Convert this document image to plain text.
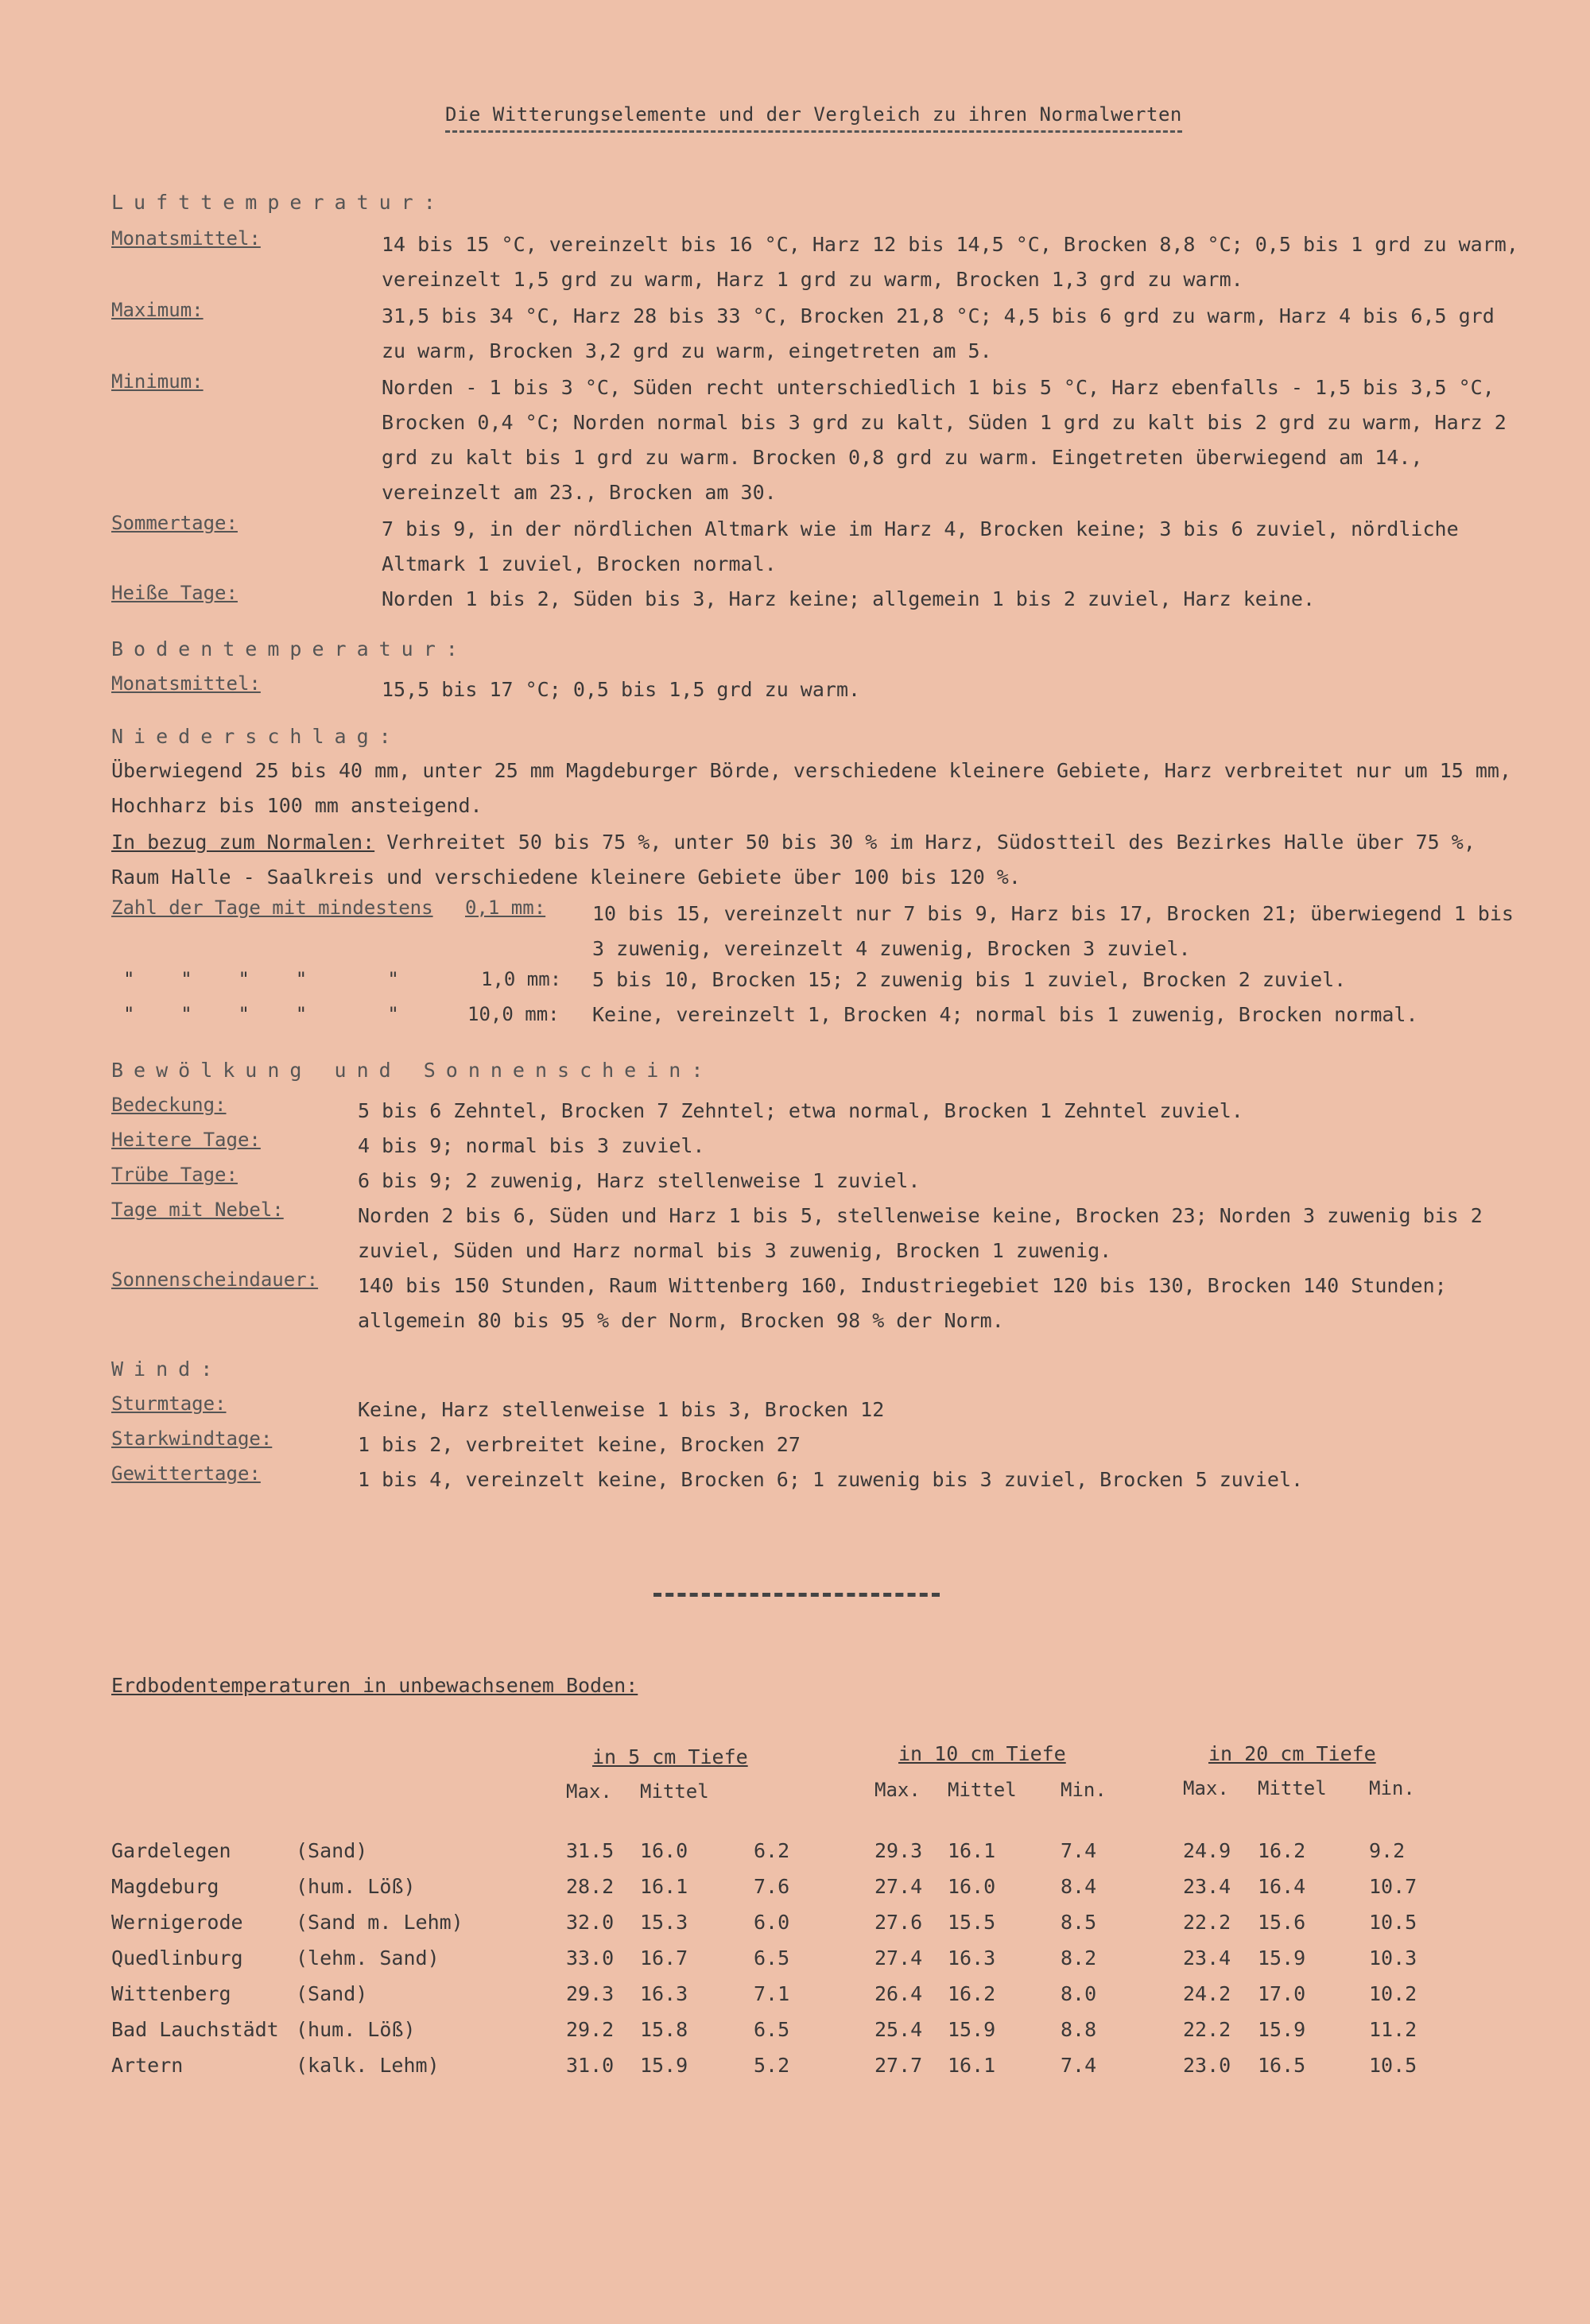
Die Witterungselemente und der Vergleich zu ihren Normalwerten
Lufttemperatur:
Monatsmittel:	14 bis 15 °C, vereinzelt bis 16 °C, Harz 12 bis 14,5 °C, Brocken 8,8 °C; 0,5 bis 1 grd zu warm, vereinzelt 1,5 grd zu warm, Harz 1 grd zu warm, Brocken 1,3 grd zu warm.
Maximum:	31,5 bis 34 °C, Harz 28 bis 33 °C, Brocken 21,8 °C; 4,5 bis 6 grd zu warm, Harz 4 bis 6,5 grd zu warm, Brocken 3,2 grd zu warm, eingetreten am 5.
Minimum:	Norden - 1 bis 3 °C, Süden recht unterschiedlich 1 bis 5 °C, Harz ebenfalls - 1,5 bis 3,5 °C, Brocken 0,4 °C; Norden normal bis 3 grd zu kalt, Süden 1 grd zu kalt bis 2 grd zu warm, Harz 2 grd zu kalt bis 1 grd zu warm. Brocken 0,8 grd zu warm. Eingetreten überwiegend am 14., vereinzelt am 23., Brocken am 30.
Sommertage:	7 bis 9, in der nördlichen Altmark wie im Harz 4, Brocken keine; 3 bis 6 zuviel, nördliche Altmark 1 zuviel, Brocken normal.
Heiße Tage:	Norden 1 bis 2, Süden bis 3, Harz keine; allgemein 1 bis 2 zuviel, Harz keine.
Bodentemperatur:
Monatsmittel:	15,5 bis 17 °C; 0,5 bis 1,5 grd zu warm.
Niederschlag:
Überwiegend 25 bis 40 mm, unter 25 mm Magdeburger Börde, verschiedene kleinere Gebiete, Harz verbreitet nur um 15 mm, Hochharz bis 100 mm ansteigend.
In bezug zum Normalen: Verhreitet 50 bis 75 %, unter 50 bis 30 % im Harz, Südostteil des Bezirkes Halle über 75 %, Raum Halle - Saalkreis und verschiedene kleinere Gebiete über 100 bis 120 %.
Zahl der Tage mit mindestens 0,1 mm: 10 bis 15, vereinzelt nur 7 bis 9, Harz bis 17, Brocken 21; überwiegend 1 bis 3 zuwenig, vereinzelt 4 zuwenig, Brocken 3 zuviel.
"    "    "    "       "	1,0 mm: 5 bis 10, Brocken 15; 2 zuwenig bis 1 zuviel, Brocken 2 zuviel.
"    "    "    "       "	10,0 mm: Keine, vereinzelt 1, Brocken 4; normal bis 1 zuwenig, Brocken normal.
Bewölkung und Sonnenschein:
Bedeckung:	5 bis 6 Zehntel, Brocken 7 Zehntel; etwa normal, Brocken 1 Zehntel zuviel.
Heitere Tage:	4 bis 9; normal bis 3 zuviel.
Trübe Tage:	6 bis 9; 2 zuwenig, Harz stellenweise 1 zuviel.
Tage mit Nebel:	Norden 2 bis 6, Süden und Harz 1 bis 5, stellenweise keine, Brocken 23; Norden 3 zuwenig bis 2 zuviel, Süden und Harz normal bis 3 zuwenig, Brocken 1 zuwenig.
Sonnenscheindauer: 140 bis 150 Stunden, Raum Wittenberg 160, Industriegebiet 120 bis 130, Brocken 140 Stunden; allgemein 80 bis 95 % der Norm, Brocken 98 % der Norm.
Wind:
Sturmtage:	Keine, Harz stellenweise 1 bis 3, Brocken 12
Starkwindtage:	1 bis 2, verbreitet keine, Brocken 27
Gewittertage:	1 bis 4, vereinzelt keine, Brocken 6; 1 zuwenig bis 3 zuviel, Brocken 5 zuviel.
Erdbodentemperaturen in unbewachsenem Boden:
in 5 cm Tiefe	in 10 cm Tiefe	in 20 cm Tiefe
Max. Mittel	Max. Mittel Min.	Max. Mittel Min.
Gardelegen	(Sand)	31.5 16.0	6.2	29.3 16.1	7.4	24.9 16.2	9.2
Magdeburg	(hum. Löß)	28.2 16.1	7.6	27.4 16.0	8.4	23.4 16.4	10.7
Wernigerode	(Sand m. Lehm)	32.0 15.3	6.0	27.6 15.5	8.5	22.2 15.6	10.5
Quedlinburg	(lehm. Sand)	33.0 16.7	6.5	27.4 16.3	8.2	23.4 15.9	10.3
Wittenberg	(Sand)	29.3 16.3	7.1	26.4 16.2	8.0	24.2 17.0	10.2
Bad Lauchstädt (hum. Löß)	29.2 15.8	6.5	25.4 15.9	8.8	22.2 15.9	11.2
Artern	(kalk. Lehm)	31.0 15.9	5.2	27.7 16.1	7.4	23.0 16.5	10.5
